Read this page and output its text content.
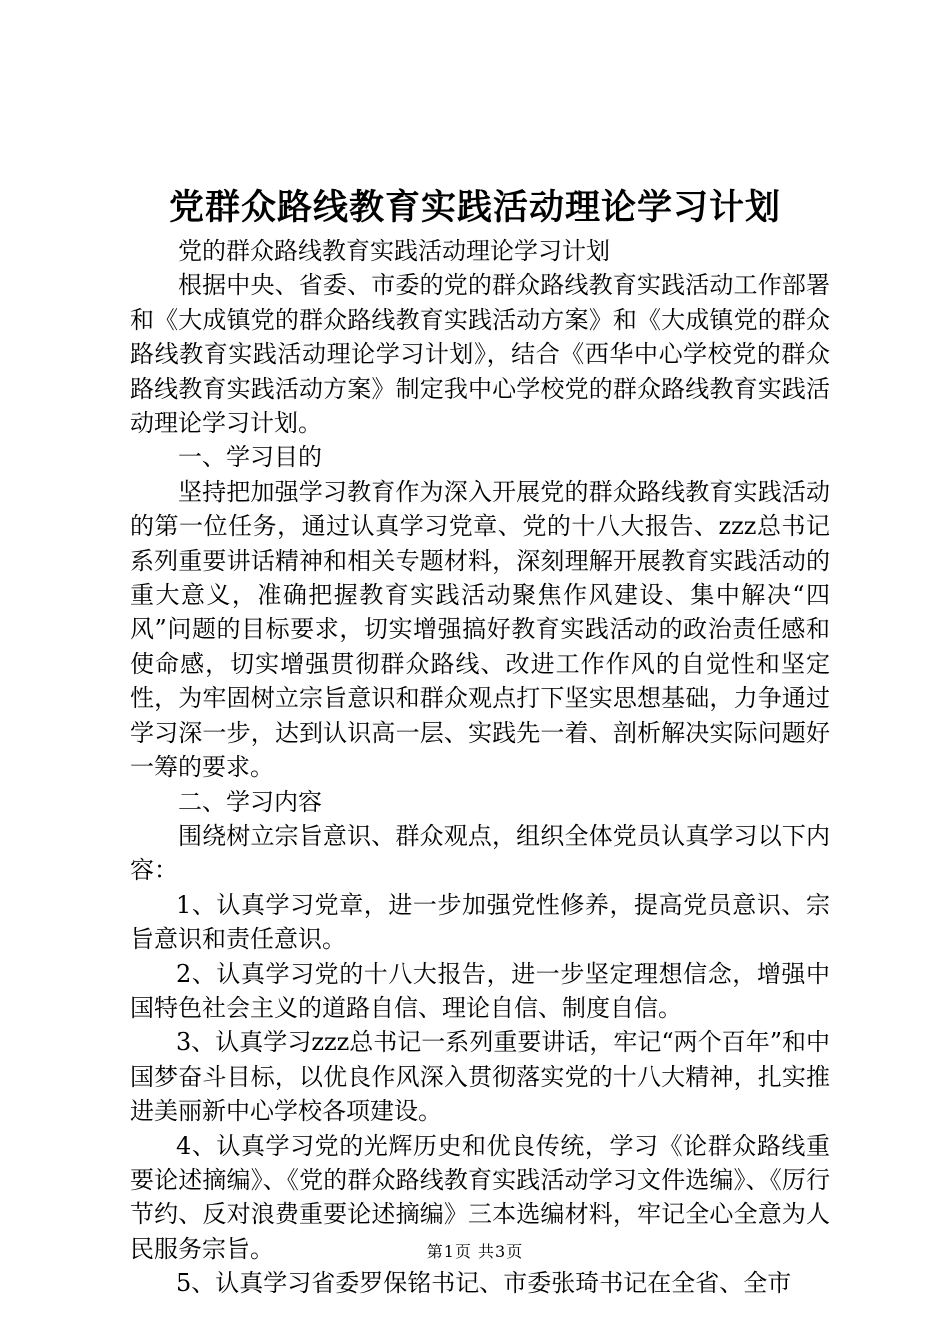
党群众路线教育实践活动理论学习计划

党的群众路线教育实践活动理论学习计划

根据中央、省委、市委的党的群众路线教育实践活动工作部署和《大成镇党的群众路线教育实践活动方案》和《大成镇党的群众路线教育实践活动理论学习计划》，结合《西华中心学校党的群众路线教育实践活动方案》制定我中心学校党的群众路线教育实践活动理论学习计划。

一、学习目的

坚持把加强学习教育作为深入开展党的群众路线教育实践活动的第一位任务，通过认真学习党章、党的十八大报告、zzz总书记系列重要讲话精神和相关专题材料，深刻理解开展教育实践活动的重大意义，准确把握教育实践活动聚焦作风建设、集中解决“四风”问题的目标要求，切实增强搞好教育实践活动的政治责任感和使命感，切实增强贯彻群众路线、改进工作作风的自觉性和坚定性，为牢固树立宗旨意识和群众观点打下坚实思想基础，力争通过学习深一步，达到认识高一层、实践先一着、剖析解决实际问题好一筹的要求。

二、学习内容

围绕树立宗旨意识、群众观点，组织全体党员认真学习以下内容：

1、认真学习党章，进一步加强党性修养，提高党员意识、宗旨意识和责任意识。

2、认真学习党的十八大报告，进一步坚定理想信念，增强中国特色社会主义的道路自信、理论自信、制度自信。

3、认真学习zzz总书记一系列重要讲话，牢记“两个百年”和中国梦奋斗目标，以优良作风深入贯彻落实党的十八大精神，扎实推进美丽新中心学校各项建设。

4、认真学习党的光辉历史和优良传统，学习《论群众路线重要论述摘编》、《党的群众路线教育实践活动学习文件选编》、《厉行节约、反对浪费重要论述摘编》三本选编材料，牢记全心全意为人民服务宗旨。

5、认真学习省委罗保铭书记、市委张琦书记在全省、全市

第1页 共3页
